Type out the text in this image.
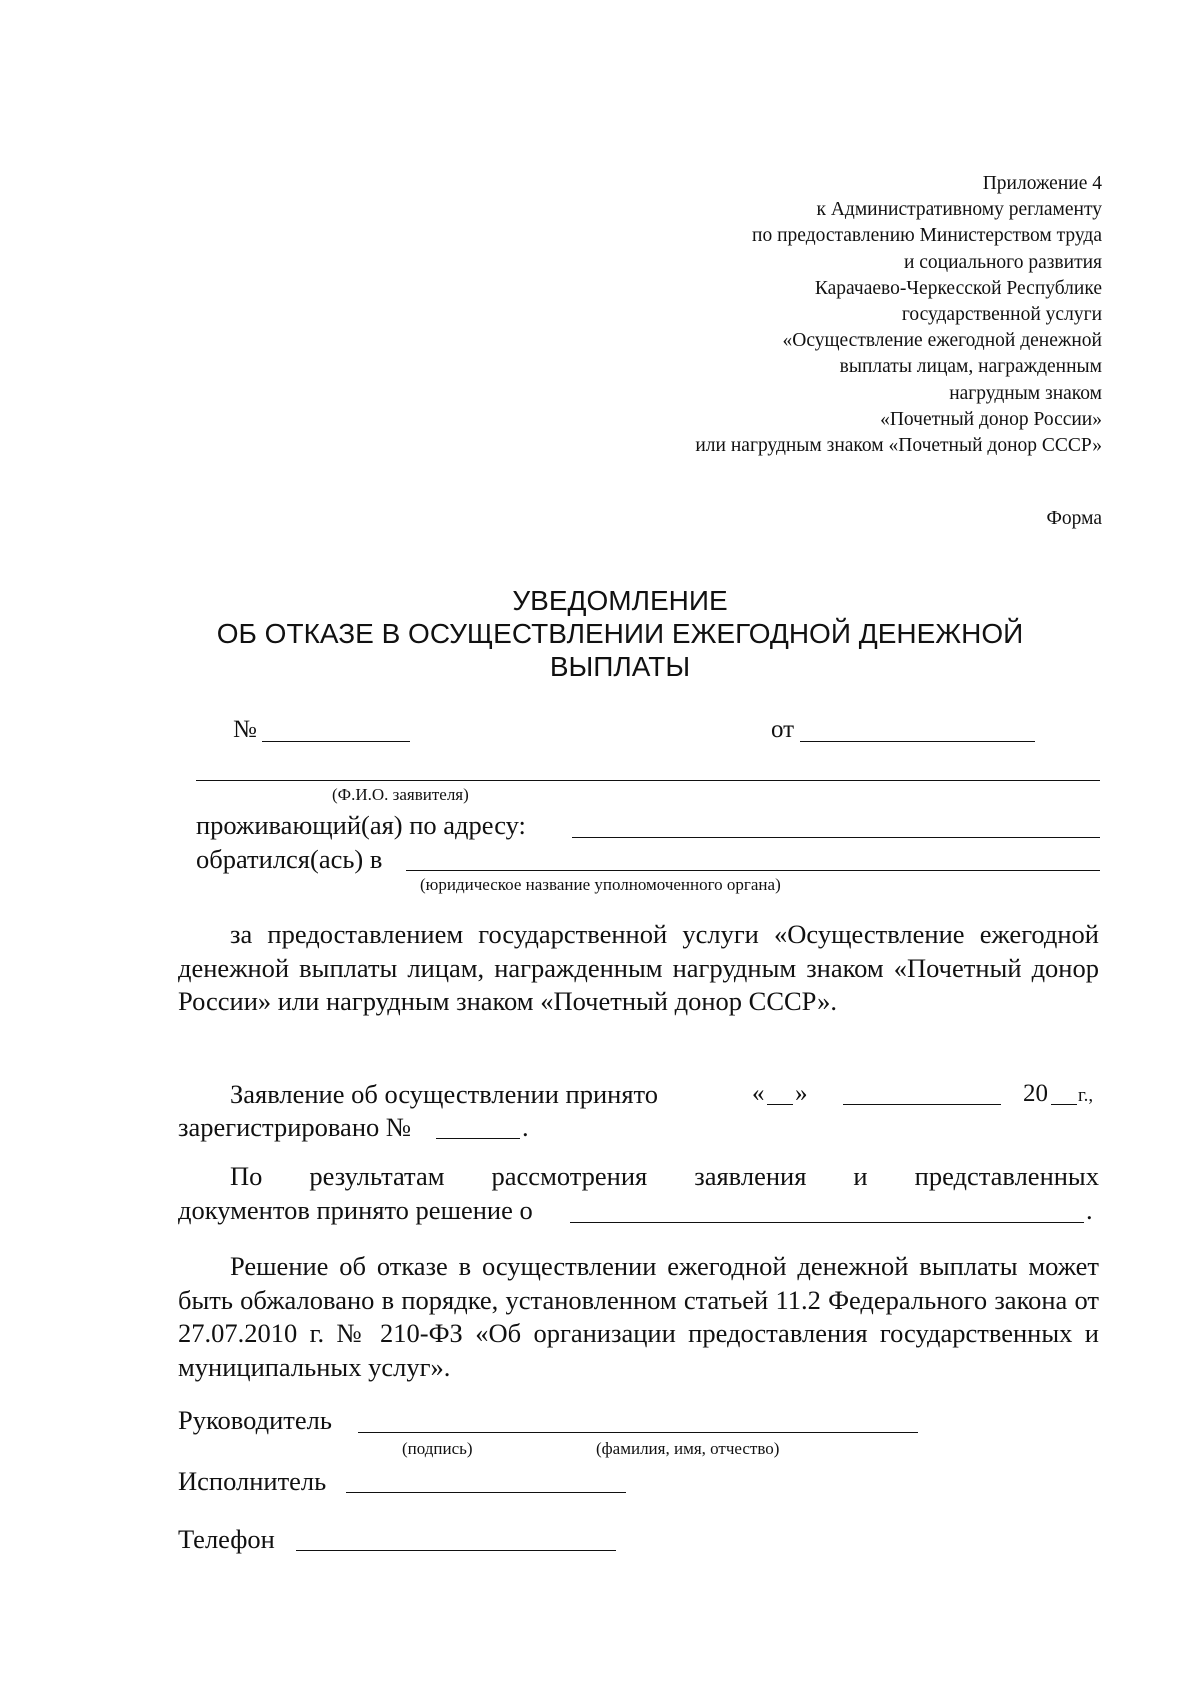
Приложение 4
к Административному регламенту
по предоставлению Министерством труда
и социального развития
Карачаево-Черкесской Республике
государственной услуги
«Осуществление ежегодной денежной
выплаты лицам, награжденным
нагрудным знаком
«Почетный донор России»
или нагрудным знаком «Почетный донор СССР»
Форма
УВЕДОМЛЕНИЕ
ОБ ОТКАЗЕ В ОСУЩЕСТВЛЕНИИ ЕЖЕГОДНОЙ ДЕНЕЖНОЙ
ВЫПЛАТЫ
№	от
(Ф.И.О. заявителя)
проживающий(ая) по адресу:
обратился(ась) в
(юридическое название уполномоченного органа)

за предоставлением государственной услуги «Осуществление ежегодной денежной выплаты лицам, награжденным нагрудным знаком «Почетный донор России» или нагрудным знаком «Почетный донор СССР».

Заявление об осуществлении принято	« »	20 г.,
зарегистрировано №	.

По результатам рассмотрения заявления и представленных

документов принято решение о	.

Решение об отказе в осуществлении ежегодной денежной выплаты может быть обжаловано в порядке, установленном статьей 11.2 Федерального закона от 27.07.2010 г. № 210-ФЗ «Об организации предоставления государственных и муниципальных услуг».

Руководитель
(подпись)	(фамилия, имя, отчество)
Исполнитель
Телефон
